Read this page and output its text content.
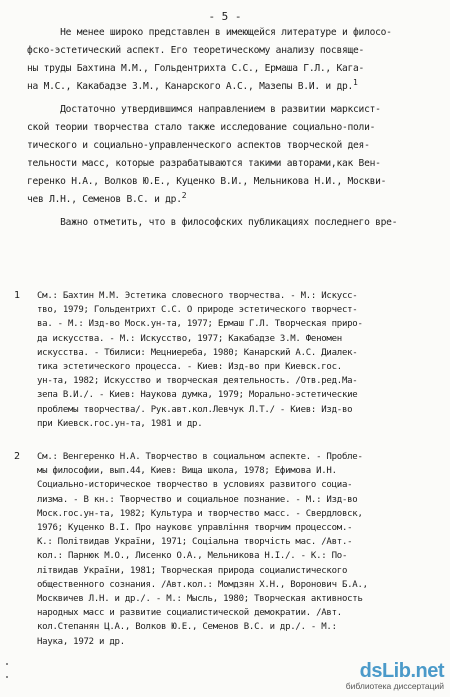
- 5 -
Не менее широко представлен в имеющейся литературе и филосо-
фско-эстетический аспект. Его теоретическому анализу посвяще-
ны труды Бахтина М.М., Гольдентрихта С.С., Ермаша Г.Л., Кага-
на М.С., Какабадзе З.М., Канарского А.С., Мазепы В.И. и др.$^1$
Достаточно утвердившимся направлением в развитии марксист-
ской теории творчества стало также исследование социально-поли-
тического и социально-управленческого аспектов творческой дея-
тельности масс, которые разрабатываются такими авторами,как Вен-
геренко Н.А., Волков Ю.Е., Куценко В.И., Мельникова Н.И., Москви-
чев Л.Н., Семенов В.С. и др.$^2$
Важно отметить, что в философских публикациях последнего вре-
1 См.: Бахтин М.М. Эстетика словесного творчества. - М.: Искусс-
тво, 1979; Гольдентрихт С.С. О природе эстетического творчест-
ва. - М.: Изд-во Моск.ун-та, 1977; Ермаш Г.Л. Творческая приро-
да искусства. - М.: Искусство, 1977; Какабадзе З.М. Феномен
искусства. - Тбилиси: Мецниереба, 1980; Канарский А.С. Диалек-
тика эстетического процесса. - Киев: Изд-во при Киевск.гос.
ун-та, 1982; Искусство и творческая деятельность. /Отв.ред.Ма-
зепа В.И./. - Киев: Наукова думка, 1979; Морально-эстетические
проблемы творчества/. Рук.авт.кол.Левчук Л.Т./ - Киев: Изд-во
при Киевск.гос.ун-та, 1981 и др.
2 См.: Венгеренко Н.А. Творчество в социальном аспекте. - Пробле-
мы философии, вып.44, Киев: Вища школа, 1978; Ефимова И.Н.
Социально-историческое творчество в условиях развитого социа-
лизма. - В кн.: Творчество и социальное познание. - М.: Изд-во
Моск.гос.ун-та, 1982; Культура и творчество масс. - Свердловск,
1976; Куценко В.I. Про науковє управлiння творчим процессом.-
К.: Полiтвидав України, 1971; Соцiальна творчiсть мас. /Авт.-
кол.: Парнюк М.О., Лисенко О.А., Мельникова Н.I./. - К.: По-
лiтвидав України, 1981; Творческая природа социалистического
общественного сознания. /Авт.кол.: Момдзян Х.Н., Воронович Б.А.,
Москвичев Л.Н. и др./. - М.: Мысль, 1980; Творческая активность
народных масс и развитие социалистической демократии. /Авт.
кол.Степанян Ц.А., Волков Ю.Е., Семенов В.С. и др./. - М.:
Наука, 1972 и др.
dsLib.net
библиотека диссертаций
